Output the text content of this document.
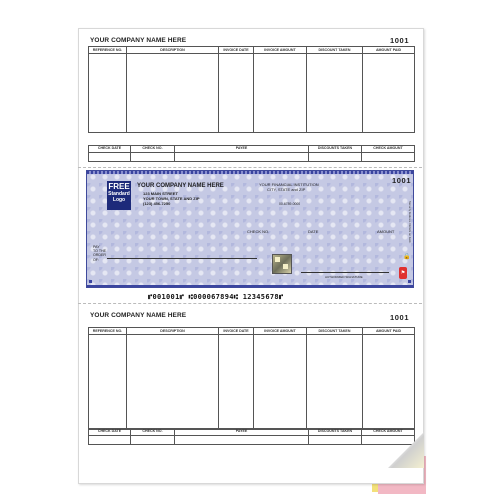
YOUR COMPANY NAME HERE	1001
REFERENCE NO.	DESCRIPTION	INVOICE DATE	INVOICE AMOUNT	DISCOUNT TAKEN	AMOUNT PAID

CHECK DATE	CHECK NO.	PAYEE	DISCOUNTS TAKEN	CHECK AMOUNT

FREE
Standard
Logo
YOUR COMPANY NAME HERE
123 MAIN STREET
YOUR TOWN, STATE AND ZIP
(123) 456-7250
YOUR FINANCIAL INSTITUTION
CITY, STATE and ZIP
00-6789-0000
1001
Security features. Details on back.
CHECK NO.	DATE	AMOUNT
PAY
TO THE
ORDER
OF:
AUTHORIZED SIGNATURE
🔒
⚑
⑈001001⑈ ⑆000067894⑆ 12345678⑈
YOUR COMPANY NAME HERE	1001
REFERENCE NO.	DESCRIPTION	INVOICE DATE	INVOICE AMOUNT	DISCOUNT TAKEN	AMOUNT PAID

CHECK DATE	CHECK NO.	PAYEE	DISCOUNTS TAKEN	CHECK AMOUNT
